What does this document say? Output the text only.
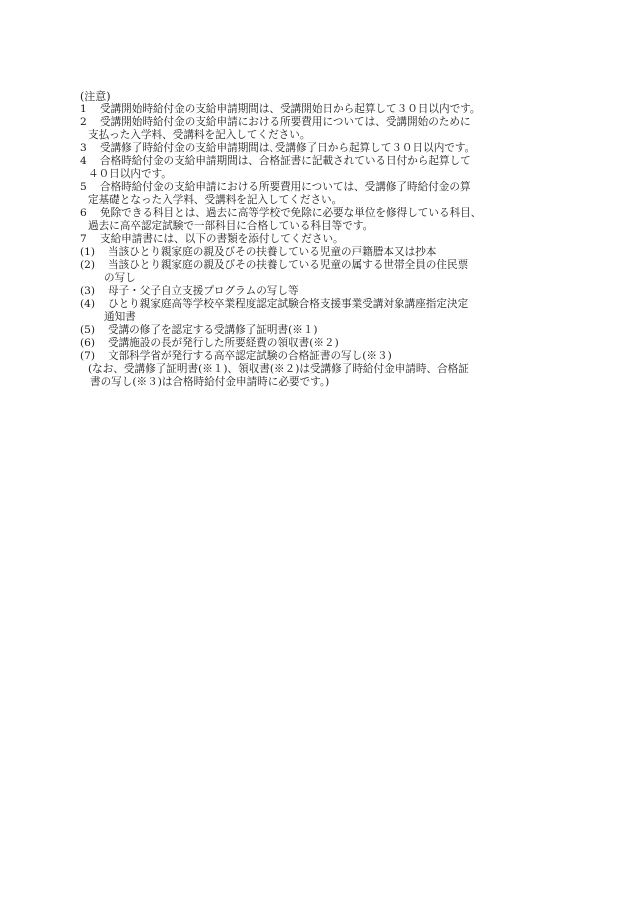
(注意)
1	受講開始時給付金の支給申請期間は、受講開始日から起算して３０日以内です。
2	受講開始時給付金の支給申請における所要費用については、受講開始のために
支払った入学料、受講料を記入してください。
3	受講修了時給付金の支給申請期間は､受講修了日から起算して３０日以内です。
4	合格時給付金の支給申請期間は、合格証書に記載されている日付から起算して
４０日以内です。
5	合格時給付金の支給申請における所要費用については、受講修了時給付金の算
定基礎となった入学料、受講料を記入してください。
6	免除できる科目とは、過去に高等学校で免除に必要な単位を修得している科目、
過去に高卒認定試験で一部科目に合格している科目等です。
7	支給申請書には、以下の書類を添付してください。
(1)	当該ひとり親家庭の親及びその扶養している児童の戸籍謄本又は抄本
(2)	当該ひとり親家庭の親及びその扶養している児童の属する世帯全員の住民票
の写し
(3)	母子・父子自立支援プログラムの写し等
(4)	ひとり親家庭高等学校卒業程度認定試験合格支援事業受講対象講座指定決定
通知書
(5)	受講の修了を認定する受講修了証明書(※１)
(6)	受講施設の長が発行した所要経費の領収書(※２)
(7)	文部科学省が発行する高卒認定試験の合格証書の写し(※３)
(なお、受講修了証明書(※１)、領収書(※２)は受講修了時給付金申請時、合格証
書の写し(※３)は合格時給付金申請時に必要です。)
